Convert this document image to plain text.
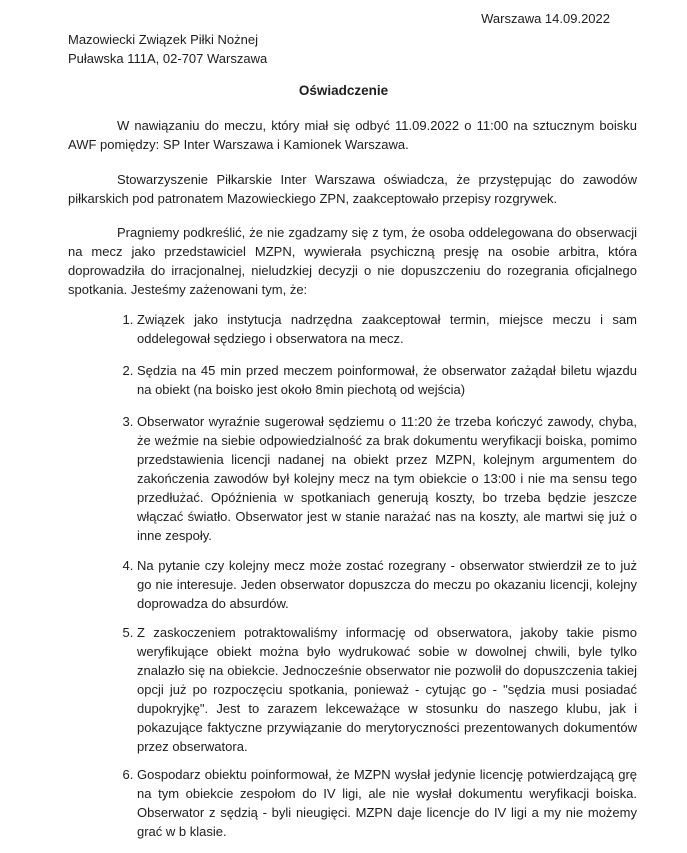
Warszawa 14.09.2022
Mazowiecki Związek Piłki Nożnej
Puławska 111A, 02-707 Warszawa
Oświadczenie

W nawiązaniu do meczu, który miał się odbyć 11.09.2022 o 11:00 na sztucznym boisku AWF pomiędzy: SP Inter Warszawa i Kamionek Warszawa.

Stowarzyszenie Piłkarskie Inter Warszawa oświadcza, że przystępując do zawodów piłkarskich pod patronatem Mazowieckiego ZPN, zaakceptowało przepisy rozgrywek.

Pragniemy podkreślić, że nie zgadzamy się z tym, że osoba oddelegowana do obserwacji na mecz jako przedstawiciel MZPN, wywierała psychiczną presję na osobie arbitra, która doprowadziła do irracjonalnej, nieludzkiej decyzji o nie dopuszczeniu do rozegrania oficjalnego spotkania. Jesteśmy zażenowani tym, że:

1. Związek jako instytucja nadrzędna zaakceptował termin, miejsce meczu i sam oddelegował sędziego i obserwatora na mecz.
2. Sędzia na 45 min przed meczem poinformował, że obserwator zażądał biletu wjazdu na obiekt (na boisko jest około 8min piechotą od wejścia)
3. Obserwator wyraźnie sugerował sędziemu o 11:20 że trzeba kończyć zawody, chyba, że weźmie na siebie odpowiedzialność za brak dokumentu weryfikacji boiska, pomimo przedstawienia licencji nadanej na obiekt przez MZPN, kolejnym argumentem do zakończenia zawodów był kolejny mecz na tym obiekcie o 13:00 i nie ma sensu tego przedłużać. Opóźnienia w spotkaniach generują koszty, bo trzeba będzie jeszcze włączać światło. Obserwator jest w stanie narażać nas na koszty, ale martwi się już o inne zespoły.
4. Na pytanie czy kolejny mecz może zostać rozegrany - obserwator stwierdził ze to już go nie interesuje. Jeden obserwator dopuszcza do meczu po okazaniu licencji, kolejny doprowadza do absurdów.
5. Z zaskoczeniem potraktowaliśmy informację od obserwatora, jakoby takie pismo weryfikujące obiekt można było wydrukować sobie w dowolnej chwili, byle tylko znalazło się na obiekcie. Jednocześnie obserwator nie pozwolił do dopuszczenia takiej opcji już po rozpoczęciu spotkania, ponieważ - cytując go - "sędzia musi posiadać dupokryjkę". Jest to zarazem lekceważące w stosunku do naszego klubu, jak i pokazujące faktyczne przywiązanie do merytoryczności prezentowanych dokumentów przez obserwatora.
6. Gospodarz obiektu poinformował, że MZPN wysłał jedynie licencję potwierdzającą grę na tym obiekcie zespołom do IV ligi, ale nie wysłał dokumentu weryfikacji boiska. Obserwator z sędzią - byli nieugięci. MZPN daje licencje do IV ligi a my nie możemy grać w b klasie.
